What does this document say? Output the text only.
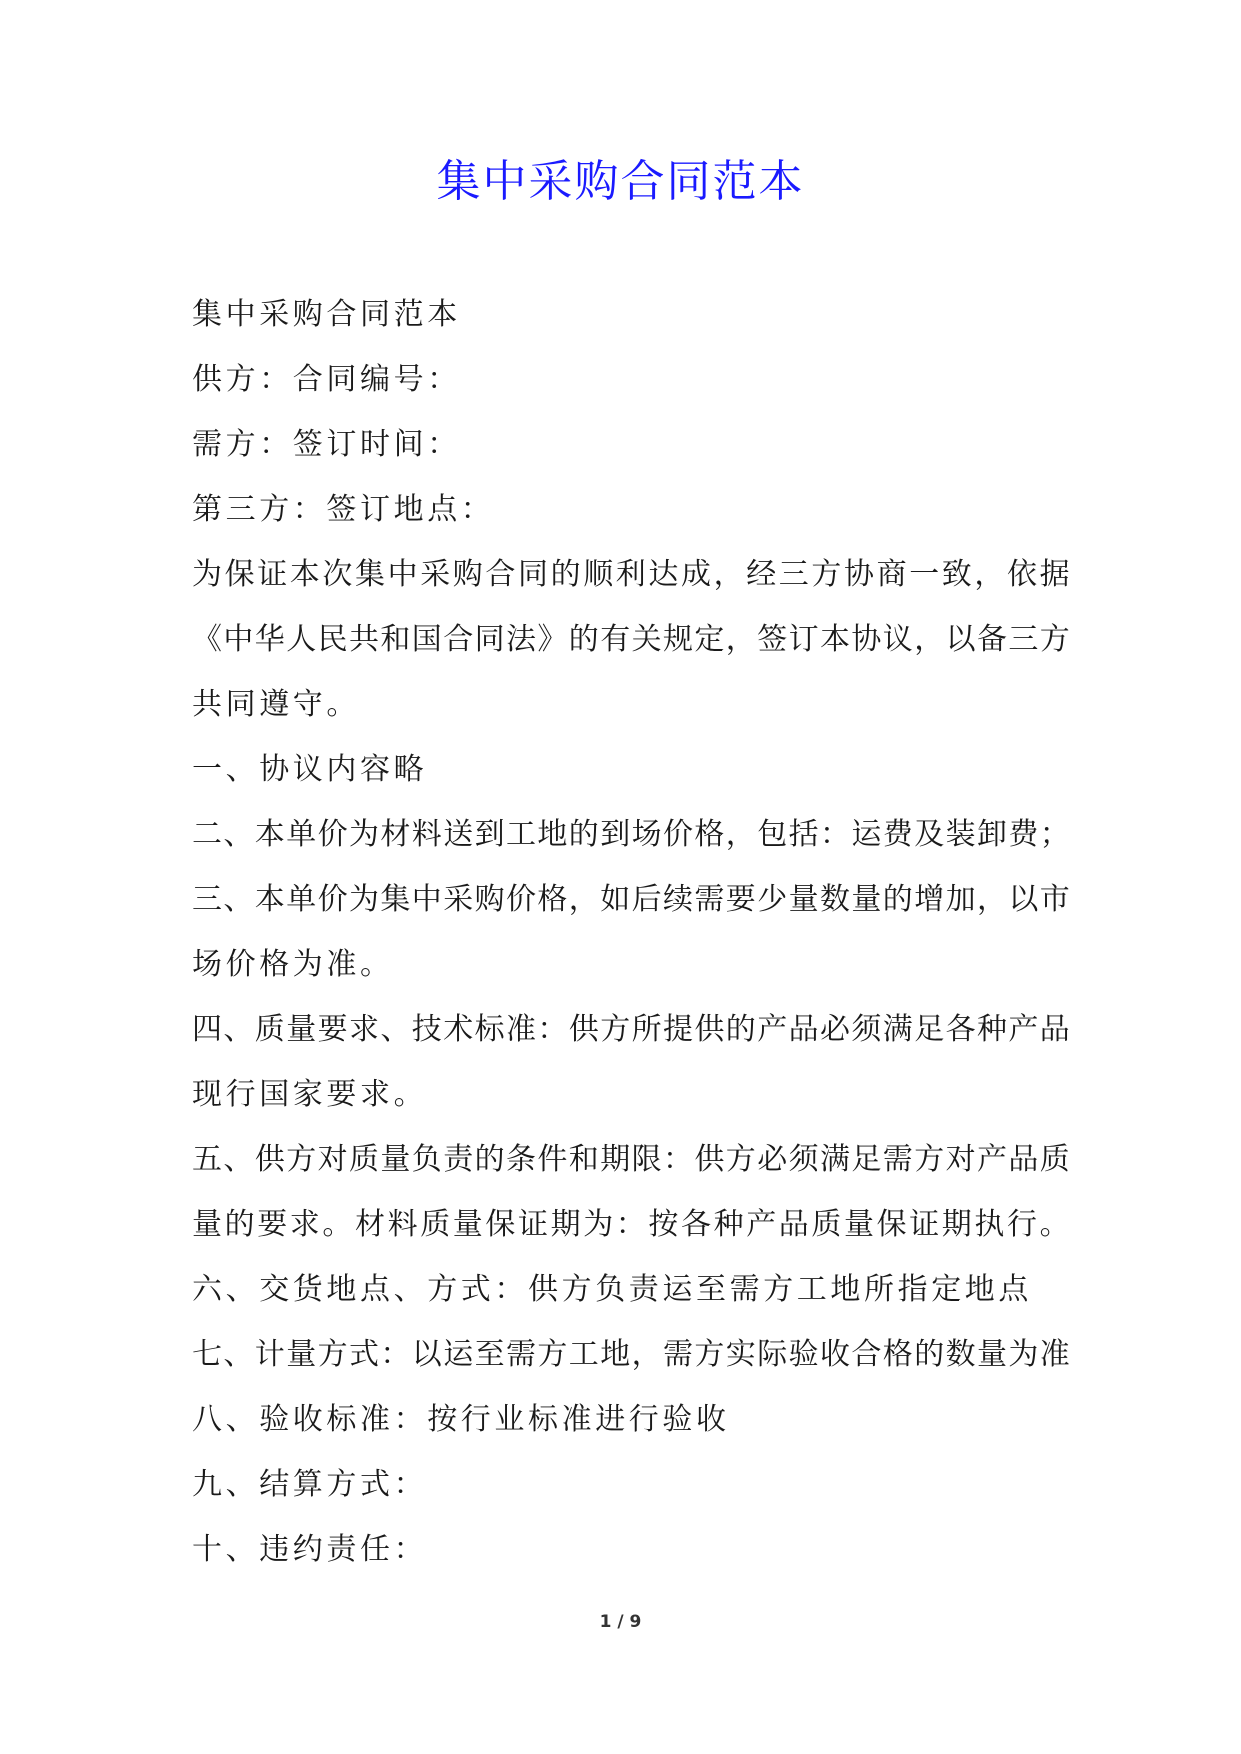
集中采购合同范本
集中采购合同范本
供方：合同编号：
需方：签订时间：
第三方：签订地点：
为保证本次集中采购合同的顺利达成，经三方协商一致，依据
《中华人民共和国合同法》的有关规定，签订本协议，以备三方
共同遵守。
一、协议内容略
二、本单价为材料送到工地的到场价格，包括：运费及装卸费；
三、本单价为集中采购价格，如后续需要少量数量的增加，以市
场价格为准。
四、质量要求、技术标准：供方所提供的产品必须满足各种产品
现行国家要求。
五、供方对质量负责的条件和期限：供方必须满足需方对产品质
量的要求。材料质量保证期为：按各种产品质量保证期执行。
六、交货地点、方式：供方负责运至需方工地所指定地点
七、计量方式：以运至需方工地，需方实际验收合格的数量为准
八、验收标准：按行业标准进行验收
九、结算方式：
十、违约责任：
1 / 9
